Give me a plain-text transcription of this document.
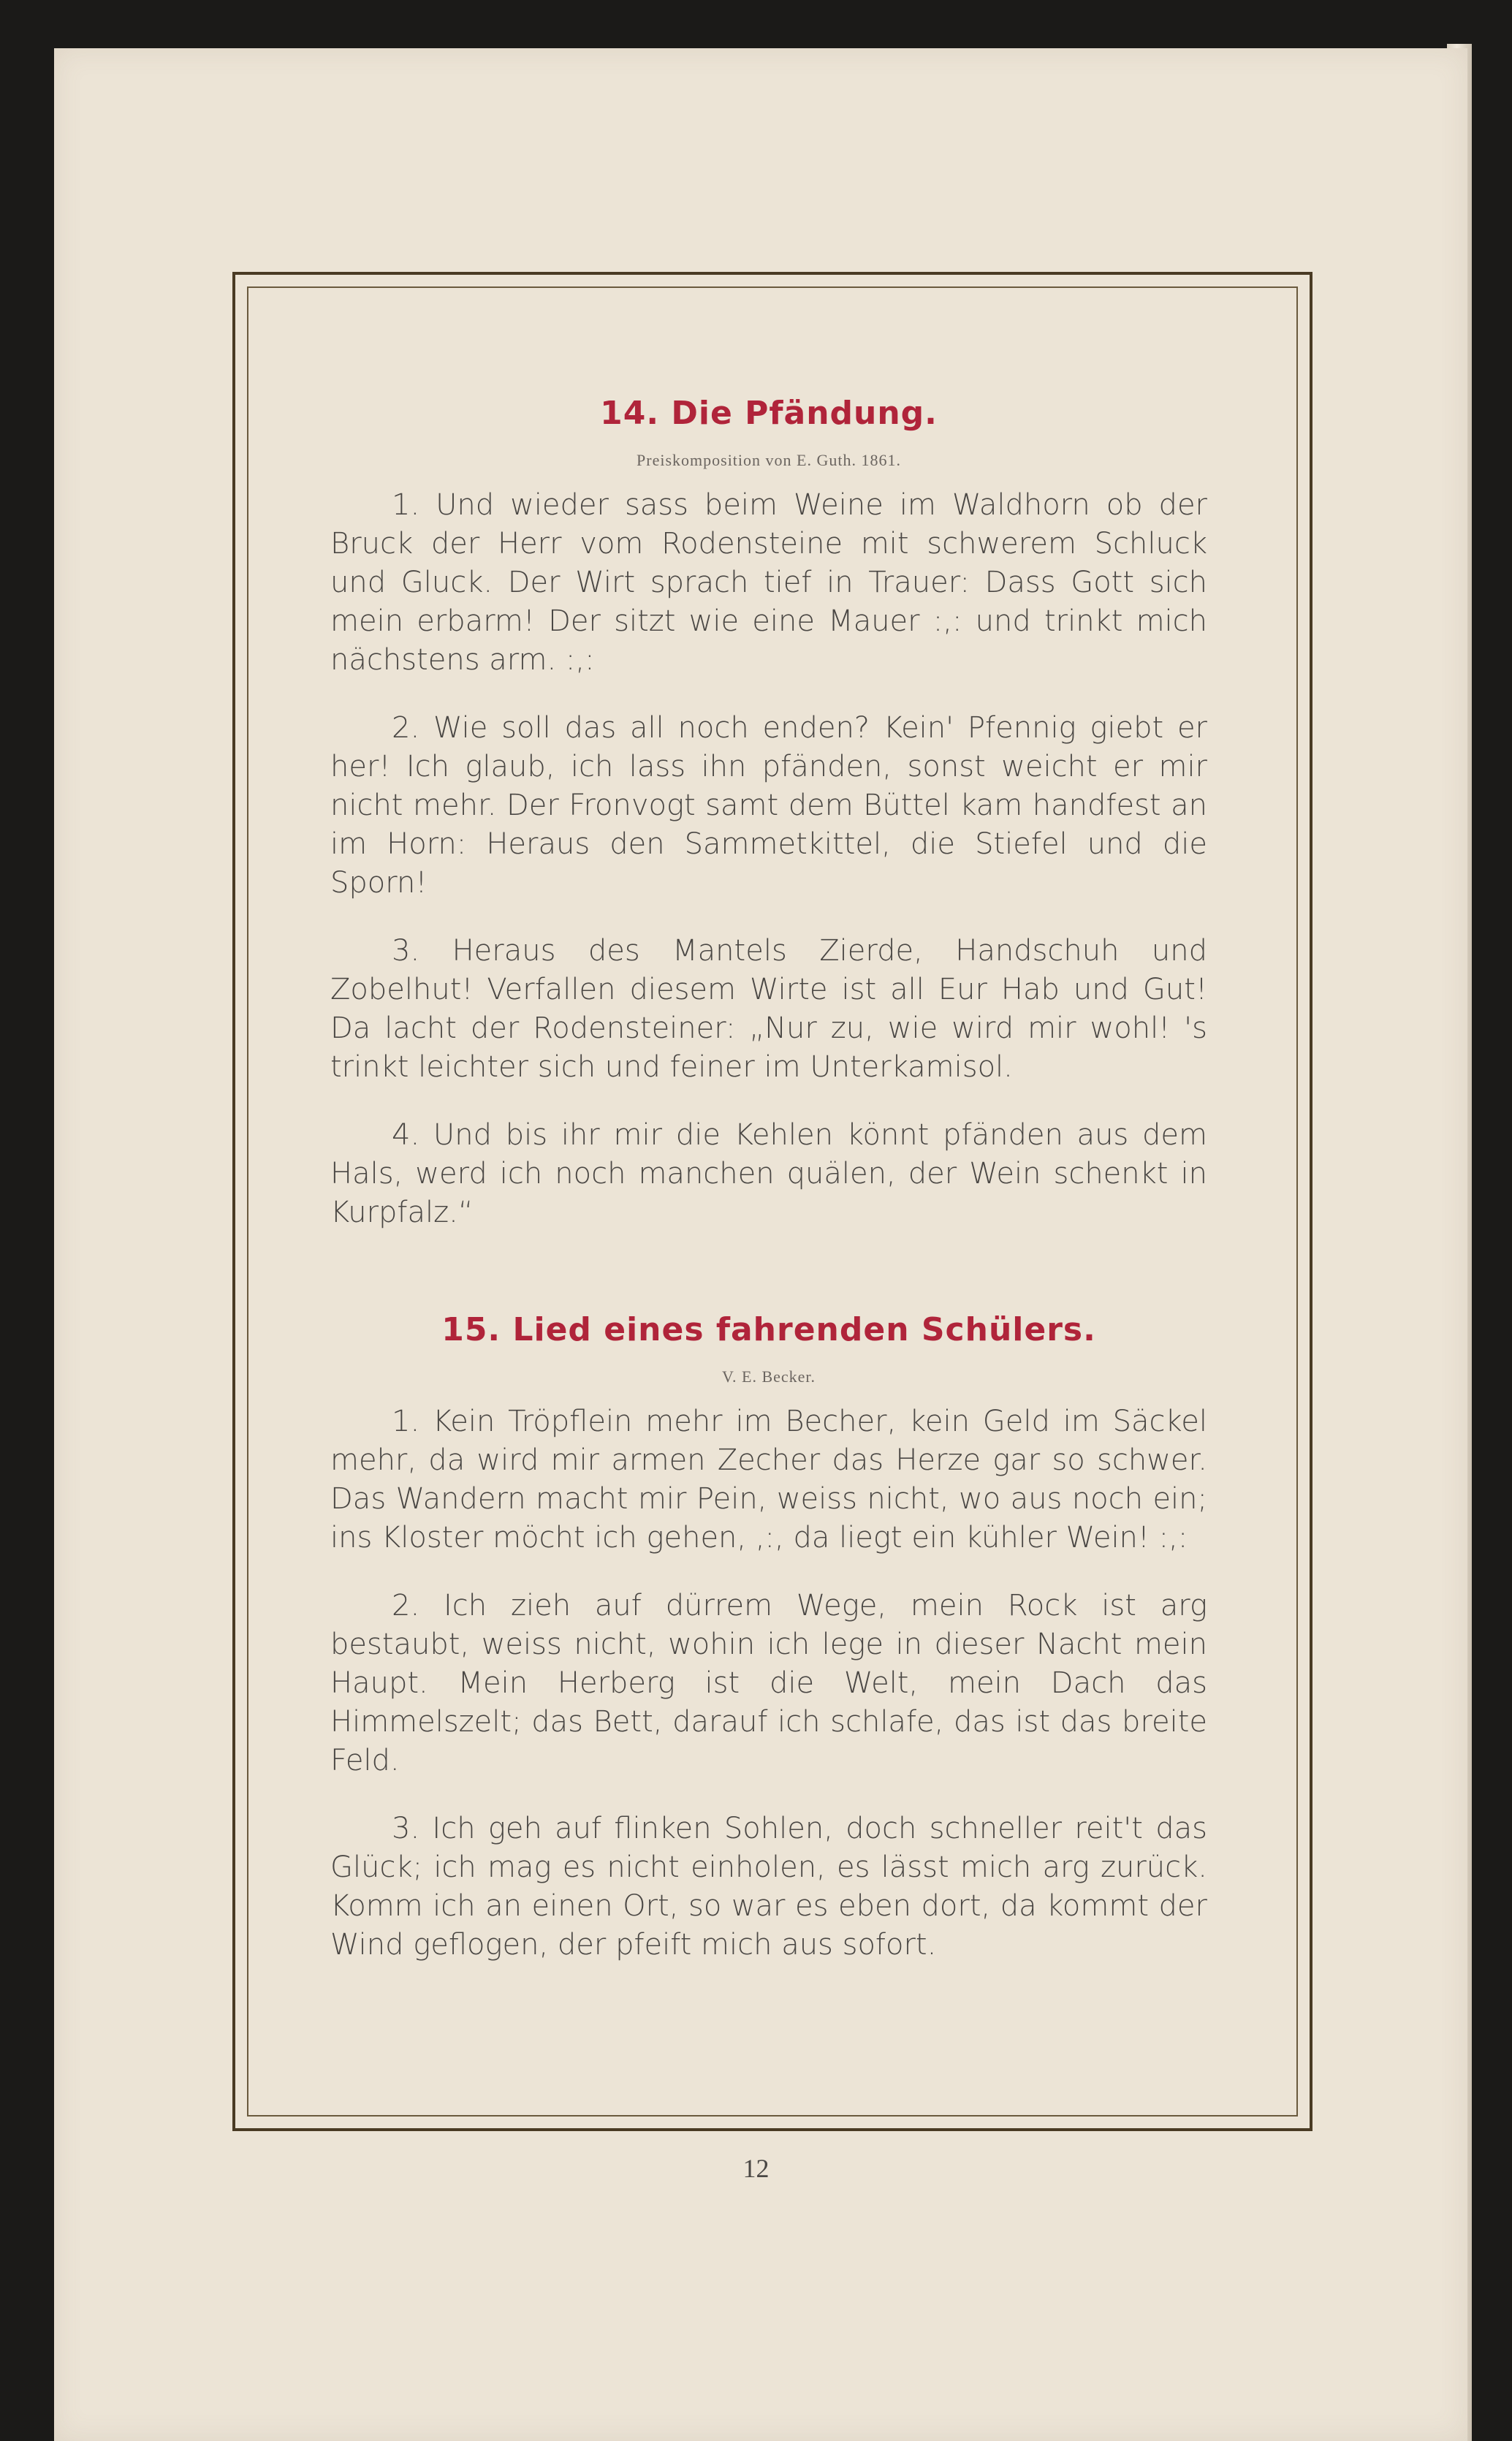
14. Die Pfändung.
Preiskomposition von E. Guth. 1861.

1. Und wieder sass beim Weine im Waldhorn ob der Bruck der Herr vom Rodensteine mit schwerem Schluck und Gluck. Der Wirt sprach tief in Trauer: Dass Gott sich mein erbarm! Der sitzt wie eine Mauer :,: und trinkt mich nächstens arm. :,:

2. Wie soll das all noch enden? Kein' Pfennig giebt er her! Ich glaub, ich lass ihn pfänden, sonst weicht er mir nicht mehr. Der Fronvogt samt dem Büttel kam handfest an im Horn: Heraus den Sammetkittel, die Stiefel und die Sporn!

3. Heraus des Mantels Zierde, Handschuh und Zobelhut! Verfallen diesem Wirte ist all Eur Hab und Gut! Da lacht der Rodensteiner: „Nur zu, wie wird mir wohl! 's trinkt leichter sich und feiner im Unterkamisol.

4. Und bis ihr mir die Kehlen könnt pfänden aus dem Hals, werd ich noch manchen quälen, der Wein schenkt in Kurpfalz.“

15. Lied eines fahrenden Schülers.
V. E. Becker.

1. Kein Tröpflein mehr im Becher, kein Geld im Säckel mehr, da wird mir armen Zecher das Herze gar so schwer. Das Wandern macht mir Pein, weiss nicht, wo aus noch ein; ins Kloster möcht ich gehen, ,:, da liegt ein kühler Wein! :,:

2. Ich zieh auf dürrem Wege, mein Rock ist arg bestaubt, weiss nicht, wohin ich lege in dieser Nacht mein Haupt. Mein Herberg ist die Welt, mein Dach das Himmelszelt; das Bett, darauf ich schlafe, das ist das breite Feld.

3. Ich geh auf flinken Sohlen, doch schneller reit't das Glück; ich mag es nicht einholen, es lässt mich arg zurück. Komm ich an einen Ort, so war es eben dort, da kommt der Wind geflogen, der pfeift mich aus sofort.

12
